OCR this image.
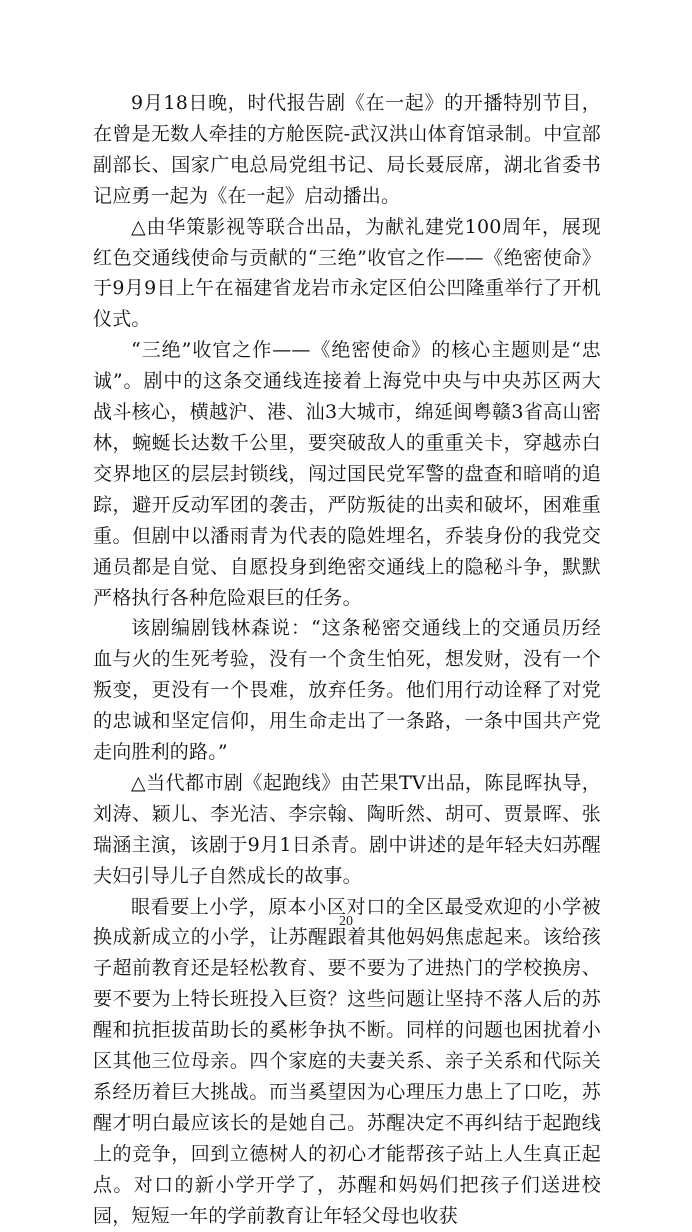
9月18日晚，时代报告剧《在一起》的开播特别节目，在曾是无数人牵挂的方舱医院-武汉洪山体育馆录制。中宣部副部长、国家广电总局党组书记、局长聂辰席，湖北省委书记应勇一起为《在一起》启动播出。

△由华策影视等联合出品，为献礼建党100周年，展现红色交通线使命与贡献的“三绝”收官之作——《绝密使命》于9月9日上午在福建省龙岩市永定区伯公凹隆重举行了开机仪式。

“三绝”收官之作——《绝密使命》的核心主题则是“忠诚”。剧中的这条交通线连接着上海党中央与中央苏区两大战斗核心，横越沪、港、汕3大城市，绵延闽粤赣3省高山密林，蜿蜒长达数千公里，要突破敌人的重重关卡，穿越赤白交界地区的层层封锁线，闯过国民党军警的盘查和暗哨的追踪，避开反动军团的袭击，严防叛徒的出卖和破坏，困难重重。但剧中以潘雨青为代表的隐姓埋名，乔装身份的我党交通员都是自觉、自愿投身到绝密交通线上的隐秘斗争，默默严格执行各种危险艰巨的任务。

该剧编剧钱林森说：“这条秘密交通线上的交通员历经血与火的生死考验，没有一个贪生怕死，想发财，没有一个叛变，更没有一个畏难，放弃任务。他们用行动诠释了对党的忠诚和坚定信仰，用生命走出了一条路，一条中国共产党走向胜利的路。”

△当代都市剧《起跑线》由芒果TV出品，陈昆晖执导，刘涛、颖儿、李光洁、李宗翰、陶昕然、胡可、贾景晖、张瑞涵主演，该剧于9月1日杀青。剧中讲述的是年轻夫妇苏醒夫妇引导儿子自然成长的故事。

眼看要上小学，原本小区对口的全区最受欢迎的小学被换成新成立的小学，让苏醒跟着其他妈妈焦虑起来。该给孩子超前教育还是轻松教育、要不要为了进热门的学校换房、要不要为上特长班投入巨资？这些问题让坚持不落人后的苏醒和抗拒拔苗助长的奚彬争执不断。同样的问题也困扰着小区其他三位母亲。四个家庭的夫妻关系、亲子关系和代际关系经历着巨大挑战。而当奚望因为心理压力患上了口吃，苏醒才明白最应该长的是她自己。苏醒决定不再纠结于起跑线上的竞争，回到立德树人的初心才能帮孩子站上人生真正起点。对口的新小学开学了，苏醒和妈妈们把孩子们送进校园，短短一年的学前教育让年轻父母也收获

20
